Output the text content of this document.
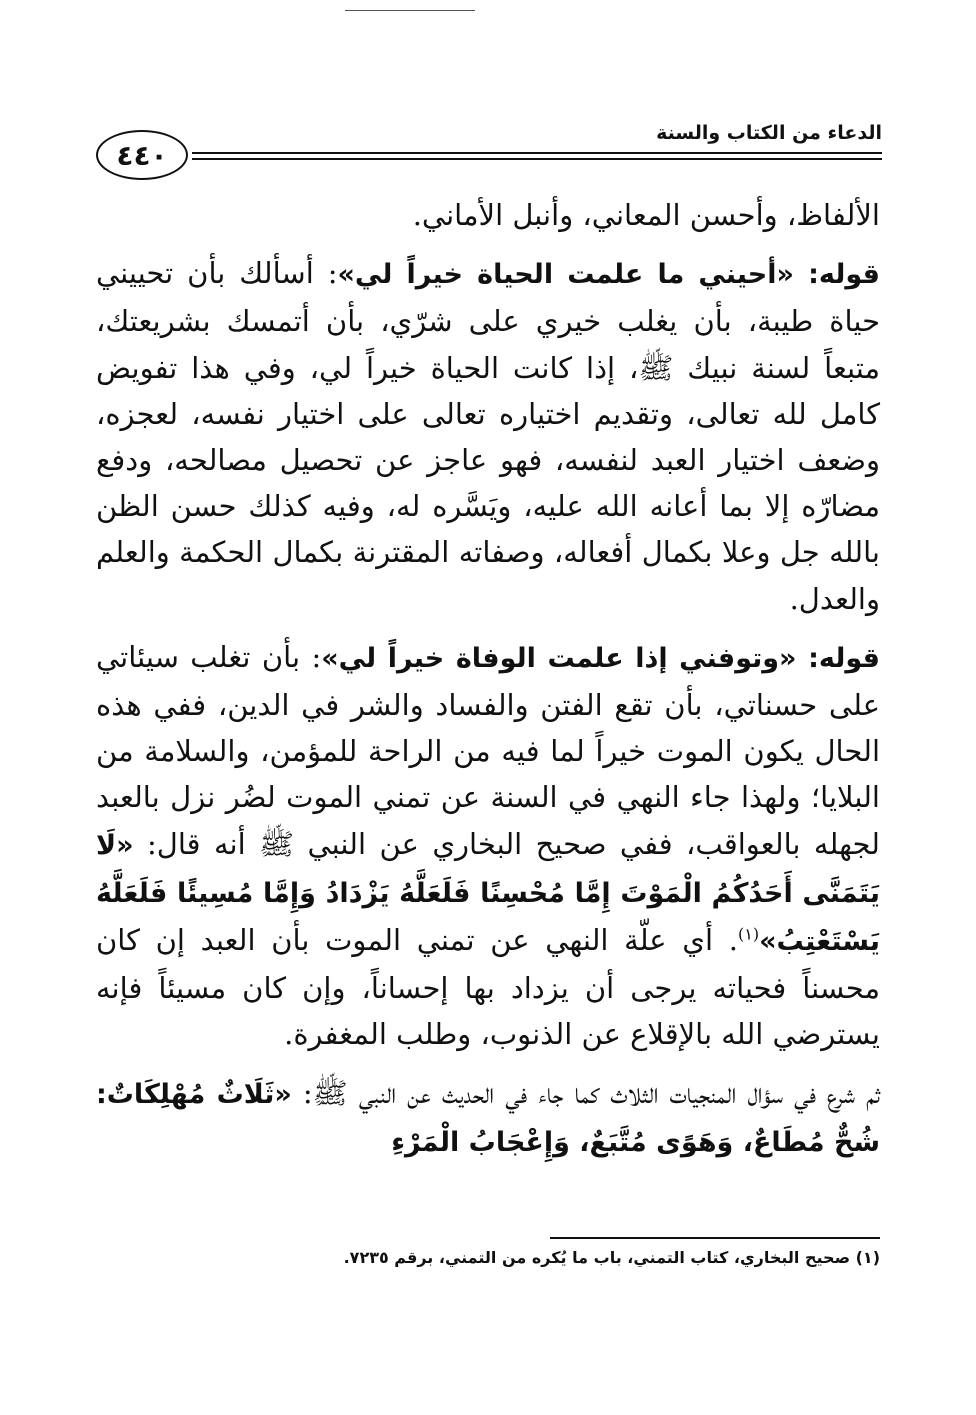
الدعاء من الكتاب والسنة
٤٤٠

الألفاظ، وأحسن المعاني، وأنبل الأماني.

قوله: «أحيني ما علمت الحياة خيراً لي»: أسألك بأن تحييني حياة طيبة، بأن يغلب خيري على شرّي، بأن أتمسك بشريعتك، متبعاً لسنة نبيك ﷺ، إذا كانت الحياة خيراً لي، وفي هذا تفويض كامل لله تعالى، وتقديم اختياره تعالى على اختيار نفسه، لعجزه، وضعف اختيار العبد لنفسه، فهو عاجز عن تحصيل مصالحه، ودفع مضارّه إلا بما أعانه الله عليه، ويَسَّره له، وفيه كذلك حسن الظن بالله جل وعلا بكمال أفعاله، وصفاته المقترنة بكمال الحكمة والعلم والعدل.

قوله: «وتوفني إذا علمت الوفاة خيراً لي»: بأن تغلب سيئاتي على حسناتي، بأن تقع الفتن والفساد والشر في الدين، ففي هذه الحال يكون الموت خيراً لما فيه من الراحة للمؤمن، والسلامة من البلايا؛ ولهذا جاء النهي في السنة عن تمني الموت لضُر نزل بالعبد لجهله بالعواقب، ففي صحيح البخاري عن النبي ﷺ أنه قال: «لَا يَتَمَنَّى أَحَدُكُمُ الْمَوْتَ إِمَّا مُحْسِنًا فَلَعَلَّهُ يَزْدَادُ وَإِمَّا مُسِيئًا فَلَعَلَّهُ يَسْتَعْتِبُ»$^{(١)}$. أي علّة النهي عن تمني الموت بأن العبد إن كان محسناً فحياته يرجى أن يزداد بها إحساناً، وإن كان مسيئاً فإنه يسترضي الله بالإقلاع عن الذنوب، وطلب المغفرة.

ثم شرع في سؤال المنجيات الثلاث كما جاء في الحديث عن النبي ﷺ: «ثَلَاثٌ مُهْلِكَاتٌ: شُحٌّ مُطَاعٌ، وَهَوًى مُتَّبَعٌ، وَإِعْجَابُ الْمَرْءِ

(١) صحيح البخاري، كتاب التمني، باب ما يُكره من التمني، برقم ٧٢٣٥.
